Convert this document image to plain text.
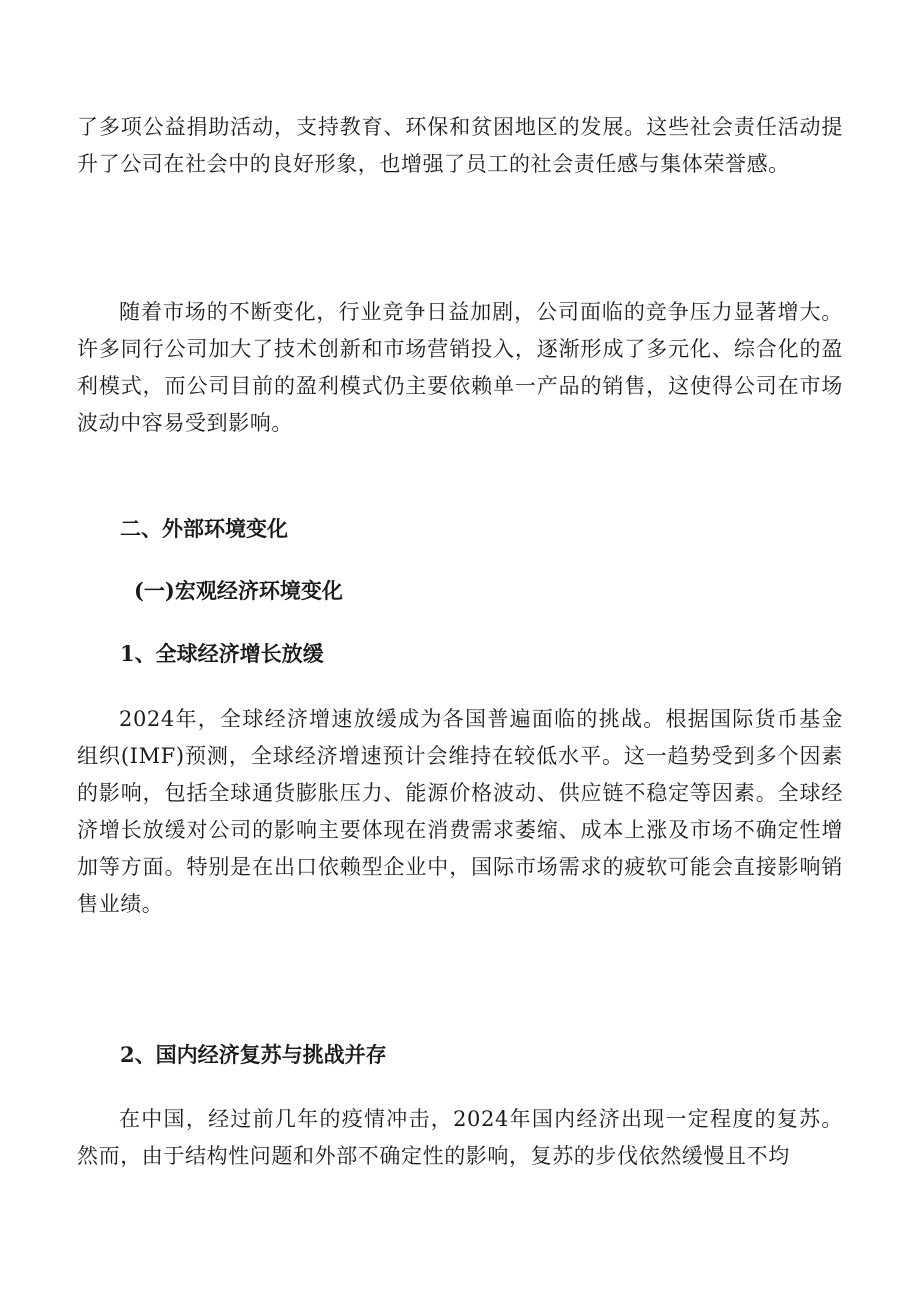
了多项公益捐助活动，支持教育、环保和贫困地区的发展。这些社会责任活动提升了公司在社会中的良好形象，也增强了员工的社会责任感与集体荣誉感。

随着市场的不断变化，行业竞争日益加剧，公司面临的竞争压力显著增大。许多同行公司加大了技术创新和市场营销投入，逐渐形成了多元化、综合化的盈利模式，而公司目前的盈利模式仍主要依赖单一产品的销售，这使得公司在市场波动中容易受到影响。

二、外部环境变化
(一)宏观经济环境变化
1、全球经济增长放缓

2024年，全球经济增速放缓成为各国普遍面临的挑战。根据国际货币基金组织(IMF)预测，全球经济增速预计会维持在较低水平。这一趋势受到多个因素的影响，包括全球通货膨胀压力、能源价格波动、供应链不稳定等因素。全球经济增长放缓对公司的影响主要体现在消费需求萎缩、成本上涨及市场不确定性增加等方面。特别是在出口依赖型企业中，国际市场需求的疲软可能会直接影响销售业绩。

2、国内经济复苏与挑战并存

在中国，经过前几年的疫情冲击，2024年国内经济出现一定程度的复苏。然而，由于结构性问题和外部不确定性的影响，复苏的步伐依然缓慢且不均
